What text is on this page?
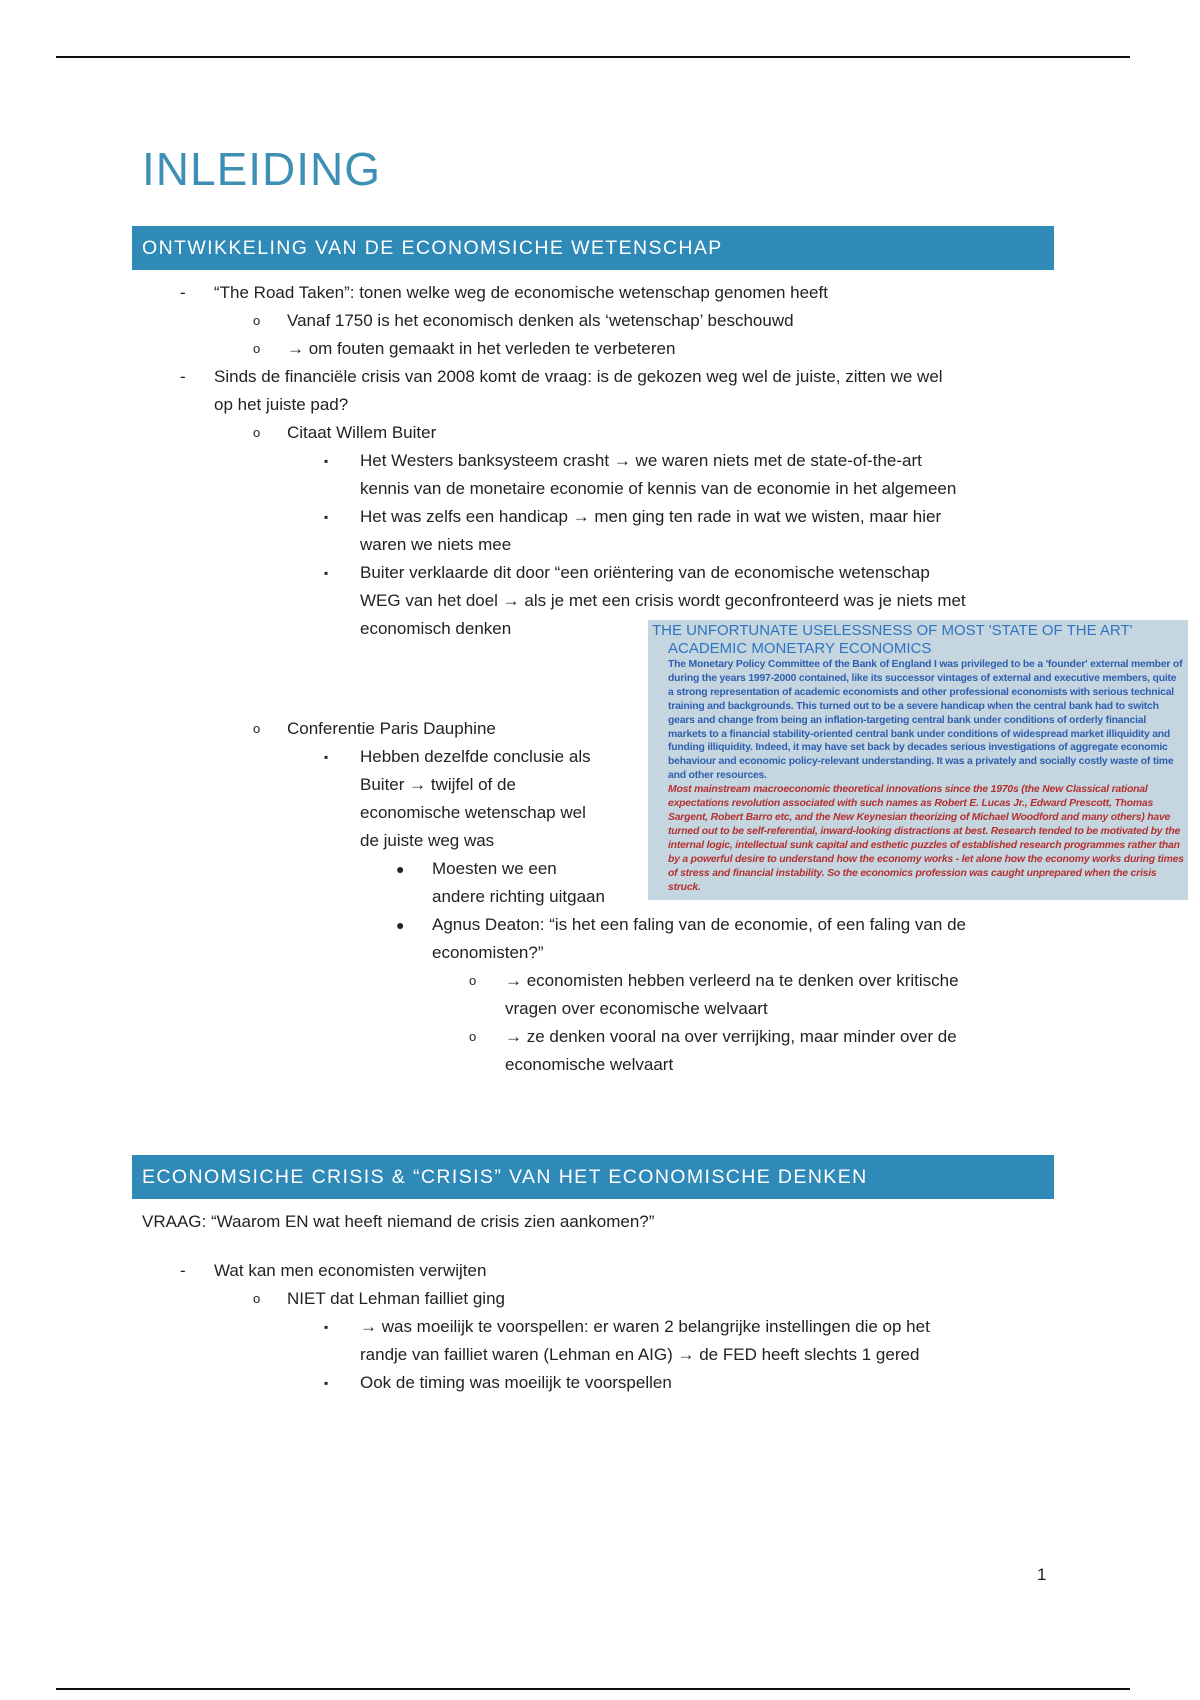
INLEIDING
ONTWIKKELING VAN DE ECONOMSICHE WETENSCHAP
-	“The Road Taken”: tonen welke weg de economische wetenschap genomen heeft
o Vanaf 1750 is het economisch denken als ‘wetenschap’ beschouwd
o → om fouten gemaakt in het verleden te verbeteren
-	Sinds de financiële crisis van 2008 komt de vraag: is de gekozen weg wel de juiste, zitten we wel
op het juiste pad?
o Citaat Willem Buiter
▪ Het Westers banksysteem crasht → we waren niets met de state-of-the-art
kennis van de monetaire economie of kennis van de economie in het algemeen
▪ Het was zelfs een handicap → men ging ten rade in wat we wisten, maar hier
waren we niets mee
▪ Buiter verklaarde dit door “een oriëntering van de economische wetenschap
WEG van het doel → als je met een crisis wordt geconfronteerd was je niets met
economisch denken	THE UNFORTUNATE USELESSNESS OF MOST 'STATE OF THE ART'
ACADEMIC MONETARY ECONOMICS
The Monetary Policy Committee of the Bank of England I was privileged to be a 'founder' external member of during the years 1997-2000 contained, like its successor vintages of external and executive members, quite a strong representation of academic economists and other professional economists with serious technical training and backgrounds. This turned out to be a severe handicap when the central bank had to switch gears and change from being an inflation-targeting central bank under conditions of orderly financial markets to a financial stability-oriented central bank under conditions of widespread market illiquidity and funding illiquidity. Indeed, it may have set back by decades serious investigations of aggregate economic behaviour and economic policy-relevant understanding. It was a privately and socially costly waste of time and other resources.
Most mainstream macroeconomic theoretical innovations since the 1970s (the New Classical rational expectations revolution associated with such names as Robert E. Lucas Jr., Edward Prescott, Thomas Sargent, Robert Barro etc, and the New Keynesian theorizing of Michael Woodford and many others) have turned out to be self-referential, inward-looking distractions at best. Research tended to be motivated by the internal logic, intellectual sunk capital and esthetic puzzles of established research programmes rather than by a powerful desire to understand how the economy works - let alone how the economy works during times of stress and financial instability. So the economics profession was caught unprepared when the crisis struck.
o Conferentie Paris Dauphine
▪ Hebben dezelfde conclusie als
Buiter → twijfel of de
economische wetenschap wel
de juiste weg was
● Moesten we een
andere richting uitgaan
● Agnus Deaton: “is het een faling van de economie, of een faling van de
economisten?”
o → economisten hebben verleerd na te denken over kritische
vragen over economische welvaart
o → ze denken vooral na over verrijking, maar minder over de
economische welvaart
ECONOMSICHE CRISIS & “CRISIS” VAN HET ECONOMISCHE DENKEN
VRAAG: “Waarom EN wat heeft niemand de crisis zien aankomen?”
-	Wat kan men economisten verwijten
o NIET dat Lehman failliet ging
▪ → was moeilijk te voorspellen: er waren 2 belangrijke instellingen die op het
randje van failliet waren (Lehman en AIG) → de FED heeft slechts 1 gered
▪ Ook de timing was moeilijk te voorspellen
1
